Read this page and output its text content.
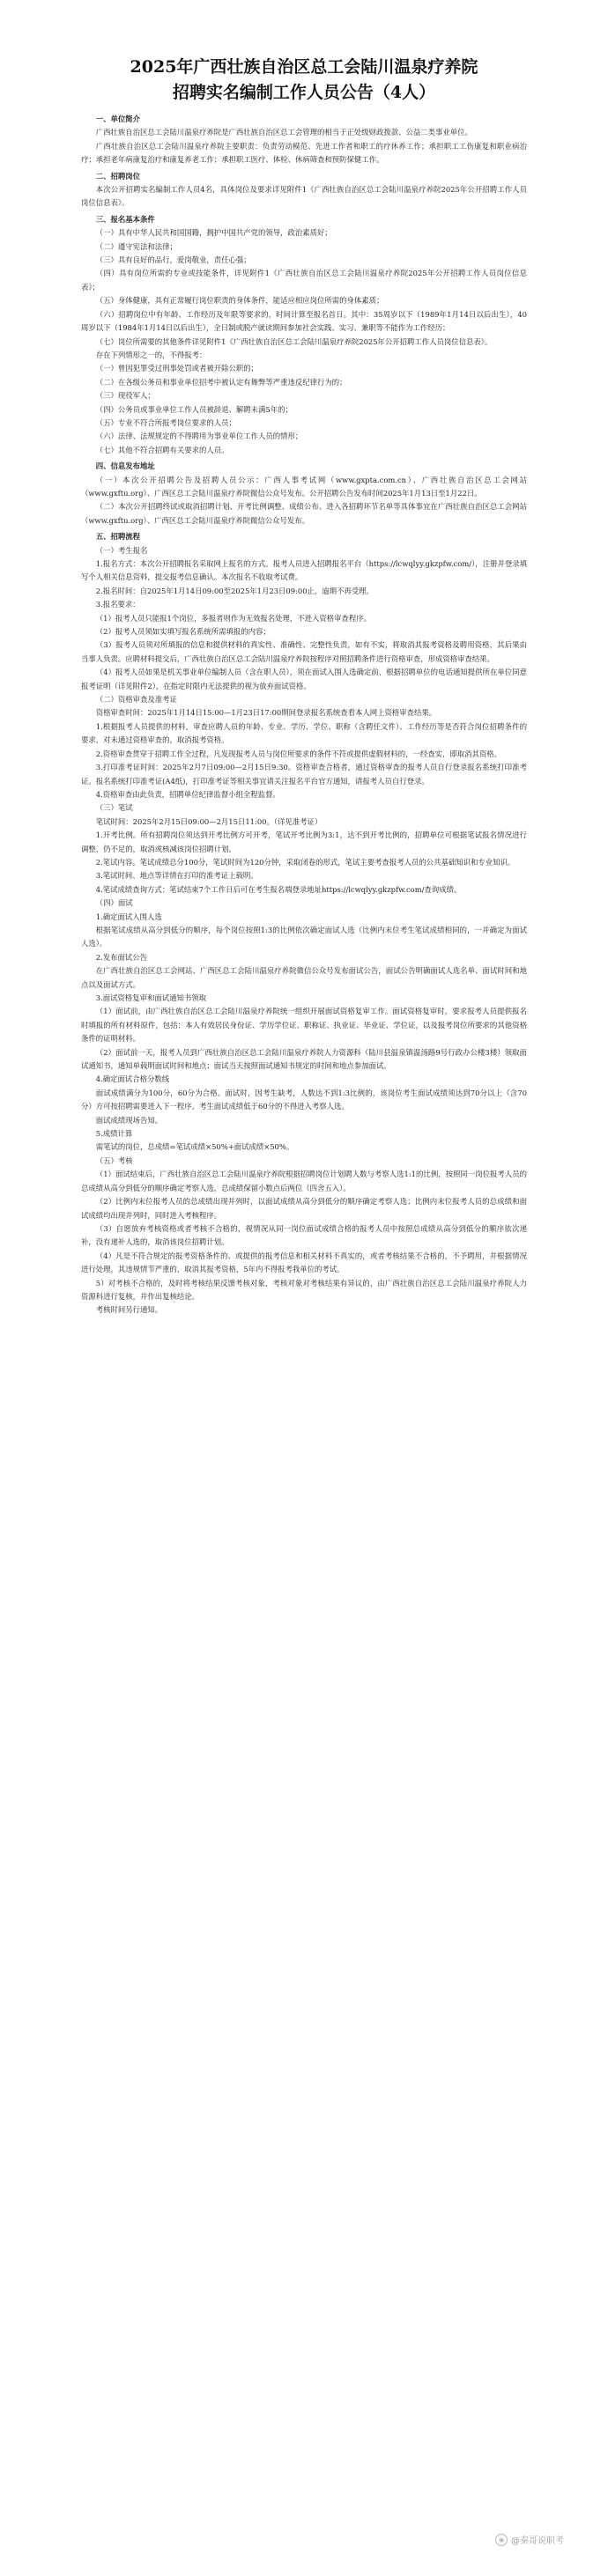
2025年广西壮族自治区总工会陆川温泉疗养院
招聘实名编制工作人员公告（4人）

一、单位简介

广西壮族自治区总工会陆川温泉疗养院是广西壮族自治区总工会管理的相当于正处级财政拨款、公益二类事业单位。

广西壮族自治区总工会陆川温泉疗养院主要职责：负责劳动模范、先进工作者和职工的疗休养工作；承担职工工伤康复和职业病治疗；承担老年病康复治疗和康复养老工作；承担职工医疗、体检、休病筛查和预防保健工作。

二、招聘岗位

本次公开招聘实名编制工作人员4名，具体岗位及要求详见附件1《广西壮族自治区总工会陆川温泉疗养院2025年公开招聘工作人员岗位信息表》。

三、报名基本条件

（一）具有中华人民共和国国籍，拥护中国共产党的领导，政治素质好；

（二）遵守宪法和法律；

（三）具有良好的品行，爱岗敬业，责任心强；

（四）具有岗位所需的专业或技能条件，详见附件1《广西壮族自治区总工会陆川温泉疗养院2025年公开招聘工作人员岗位信息表》；

（五）身体健康，具有正常履行岗位职责的身体条件，能适应相应岗位所需的身体素质；

（六）招聘岗位中有年龄、工作经历及年限等要求的，时间计算至报名首日。其中：35周岁以下（1989年1月14日以后出生），40周岁以下（1984年1月14日以后出生），全日制或脱产就读期间参加社会实践、实习、兼职等不能作为工作经历；

（七）岗位所需要的其他条件详见附件1《广西壮族自治区总工会陆川温泉疗养院2025年公开招聘工作人员岗位信息表》。

存在下列情形之一的，不得报考：

（一）曾因犯罪受过刑事处罚或者被开除公职的；

（二）在各级公务员和事业单位招考中被认定有舞弊等严重违反纪律行为的；

（三）现役军人；

（四）公务员或事业单位工作人员被辞退、解聘未满5年的；

（五）专业不符合所报考岗位要求的人员；

（六）法律、法规规定的不得聘用为事业单位工作人员的情形；

（七）其他不符合招聘有关要求的人员。

四、信息发布地址

（一）本次公开招聘公告及招聘人员公示：广西人事考试网（www.gxpta.com.cn）、广西壮族自治区总工会网站（www.gxftu.org）、广西区总工会陆川温泉疗养院微信公众号发布。公开招聘公告发布时间2025年1月13日至1月22日。

（二）本次公开招聘终试或取消招聘计划、开考比例调整、成绩公布、进入各招聘环节名单等具体事宜在广西壮族自治区总工会网站（www.gxftu.org）、广西区总工会陆川温泉疗养院微信公众号发布。

五、招聘流程

（一）考生报名

1.报名方式：本次公开招聘报名采取网上报名的方式。报考人员进入招聘报名平台（https://lcwqlyy.gkzpfw.com/），注册并登录填写个人相关信息资料，提交报考信息确认。本次报名不收取考试费。

2.报名时间：自2025年1月14日09:00至2025年1月23日09:00止，逾期不再受理。

3.报名要求：

（1）报考人员只能报1个岗位，多报者则作为无效报名处理，不进入资格审查程序。

（2）报考人员须如实填写报名系统所需填报的内容；

（3）报考人员须对所填报的信息和提供材料的真实性、准确性、完整性负责，如有不实，将取消其报考资格及聘用资格，其后果由当事人负责。应聘材料提交后，广西壮族自治区总工会陆川温泉疗养院按程序对照招聘条件进行资格审查，形成资格审查结果。

（4）报考人员如果是机关事业单位编制人员（含在职人员），须在面试入围人选确定前，根据招聘单位的电话通知提供所在单位同意报考证明（详见附件2），在指定时限内无法提供的视为放弃面试资格。

（二）资格审查及准考证

资格审查时间：2025年1月14日15:00—1月23日17:00期间登录报名系统查看本人网上资格审查结果。

1.根据报考人员提供的材料，审查应聘人员的年龄、专业、学历、学位、职称（含聘任文件）、工作经历等是否符合岗位招聘条件的要求，对未通过资格审查的，取消报考资格。

2.资格审查贯穿于招聘工作全过程，凡发现报考人员与岗位所要求的条件不符或提供虚假材料的，一经查实，即取消其资格。

3.打印准考证时间：2025年2月7日09:00—2月15日9:30。资格审查合格者，通过资格审查的报考人员自行登录报名系统打印准考证。报名系统打印准考证(A4纸)，打印准考证等相关事宜请关注报名平台官方通知，请报考人员自行登录。

4.资格审查由此负责，招聘单位纪律监督小组全程监督。

（三）笔试

笔试时间：2025年2月15日09:00—2月15日11:00。（详见准考证）

1.开考比例。所有招聘岗位须达到开考比例方可开考，笔试开考比例为3:1，达不到开考比例的，招聘单位可根据笔试报名情况进行调整，仍不足的，取消或核减该岗位招聘计划。

2.笔试内容。笔试成绩总分100分，笔试时间为120分钟，采取闭卷的形式，笔试主要考查报考人员的公共基础知识和专业知识。

3.笔试时间、地点等详情在打印的准考证上载明。

4.笔试成绩查询方式：笔试结束7个工作日后可在考生报名端登录地址https://lcwqlyy.gkzpfw.com/查询成绩。

（四）面试

1.确定面试入围人选

根据笔试成绩从高分到低分的顺序，每个岗位按照1:3的比例依次确定面试人选（比例内末位考生笔试成绩相同的，一并确定为面试人选）。

2.发布面试公告

在广西壮族自治区总工会网站、广西区总工会陆川温泉疗养院微信公众号发布面试公告，面试公告明确面试人选名单、面试时间和地点以及面试方式。

3.面试资格复审和面试通知书领取

（1）面试前，由广西壮族自治区总工会陆川温泉疗养院统一组织开展面试资格复审工作。面试资格复审时，要求报考人员提供报名时填报的所有材料原件，包括：本人有效居民身份证、学历学位证、职称证、执业证、毕业证、学位证，以及报考岗位所要求的其他资格条件的证明材料。

（2）面试前一天，报考人员到广西壮族自治区总工会陆川温泉疗养院人力资源科（陆川县温泉镇温汤路9号行政办公楼3楼）领取面试通知书，通知单载明面试时间和地点；面试当天按照面试通知书规定的时间和地点参加面试。

4.确定面试合格分数线

面试成绩满分为100分，60分为合格。面试时，因考生缺考，人数达不到1:3比例的，该岗位考生面试成绩须达到70分以上（含70分）方可按招聘需要进入下一程序。考生面试成绩低于60分的不得进入考察人选。

面试成绩现场告知。

5.成绩计算

需笔试的岗位，总成绩=笔试成绩×50%+面试成绩×50%。

（五）考核

（1）面试结束后，广西壮族自治区总工会陆川温泉疗养院根据招聘岗位计划聘人数与考察人选1:1的比例，按照同一岗位报考人员的总成绩从高分到低分的顺序确定考察人选，总成绩保留小数点后两位（四舍五入）。

（2）比例内末位报考人员的总成绩出现并列时，以面试成绩从高分到低分的顺序确定考察人选；比例内末位报考人员的总成绩和面试成绩均出现并列时，同时进入考核程序。

（3）自愿放弃考核资格或者考核不合格的，视情况从同一岗位面试成绩合格的报考人员中按照总成绩从高分到低分的顺序依次递补，没有递补人选的，取消该岗位招聘计划。

（4）凡是不符合规定的报考资格条件的、或提供的报考信息和相关材料不真实的，或者考核结果不合格的，不予聘用，并根据情况进行处理，其违规情节严重的，取消其报考资格，5年内不得报考我单位的考试。

5）对考核不合格的，及时将考核结果反馈考核对象，考核对象对考核结果有异议的，由广西壮族自治区总工会陆川温泉疗养院人力资源科进行复核，并作出复核结论。

考核时间另行通知。

◉ @秦哥说职考
